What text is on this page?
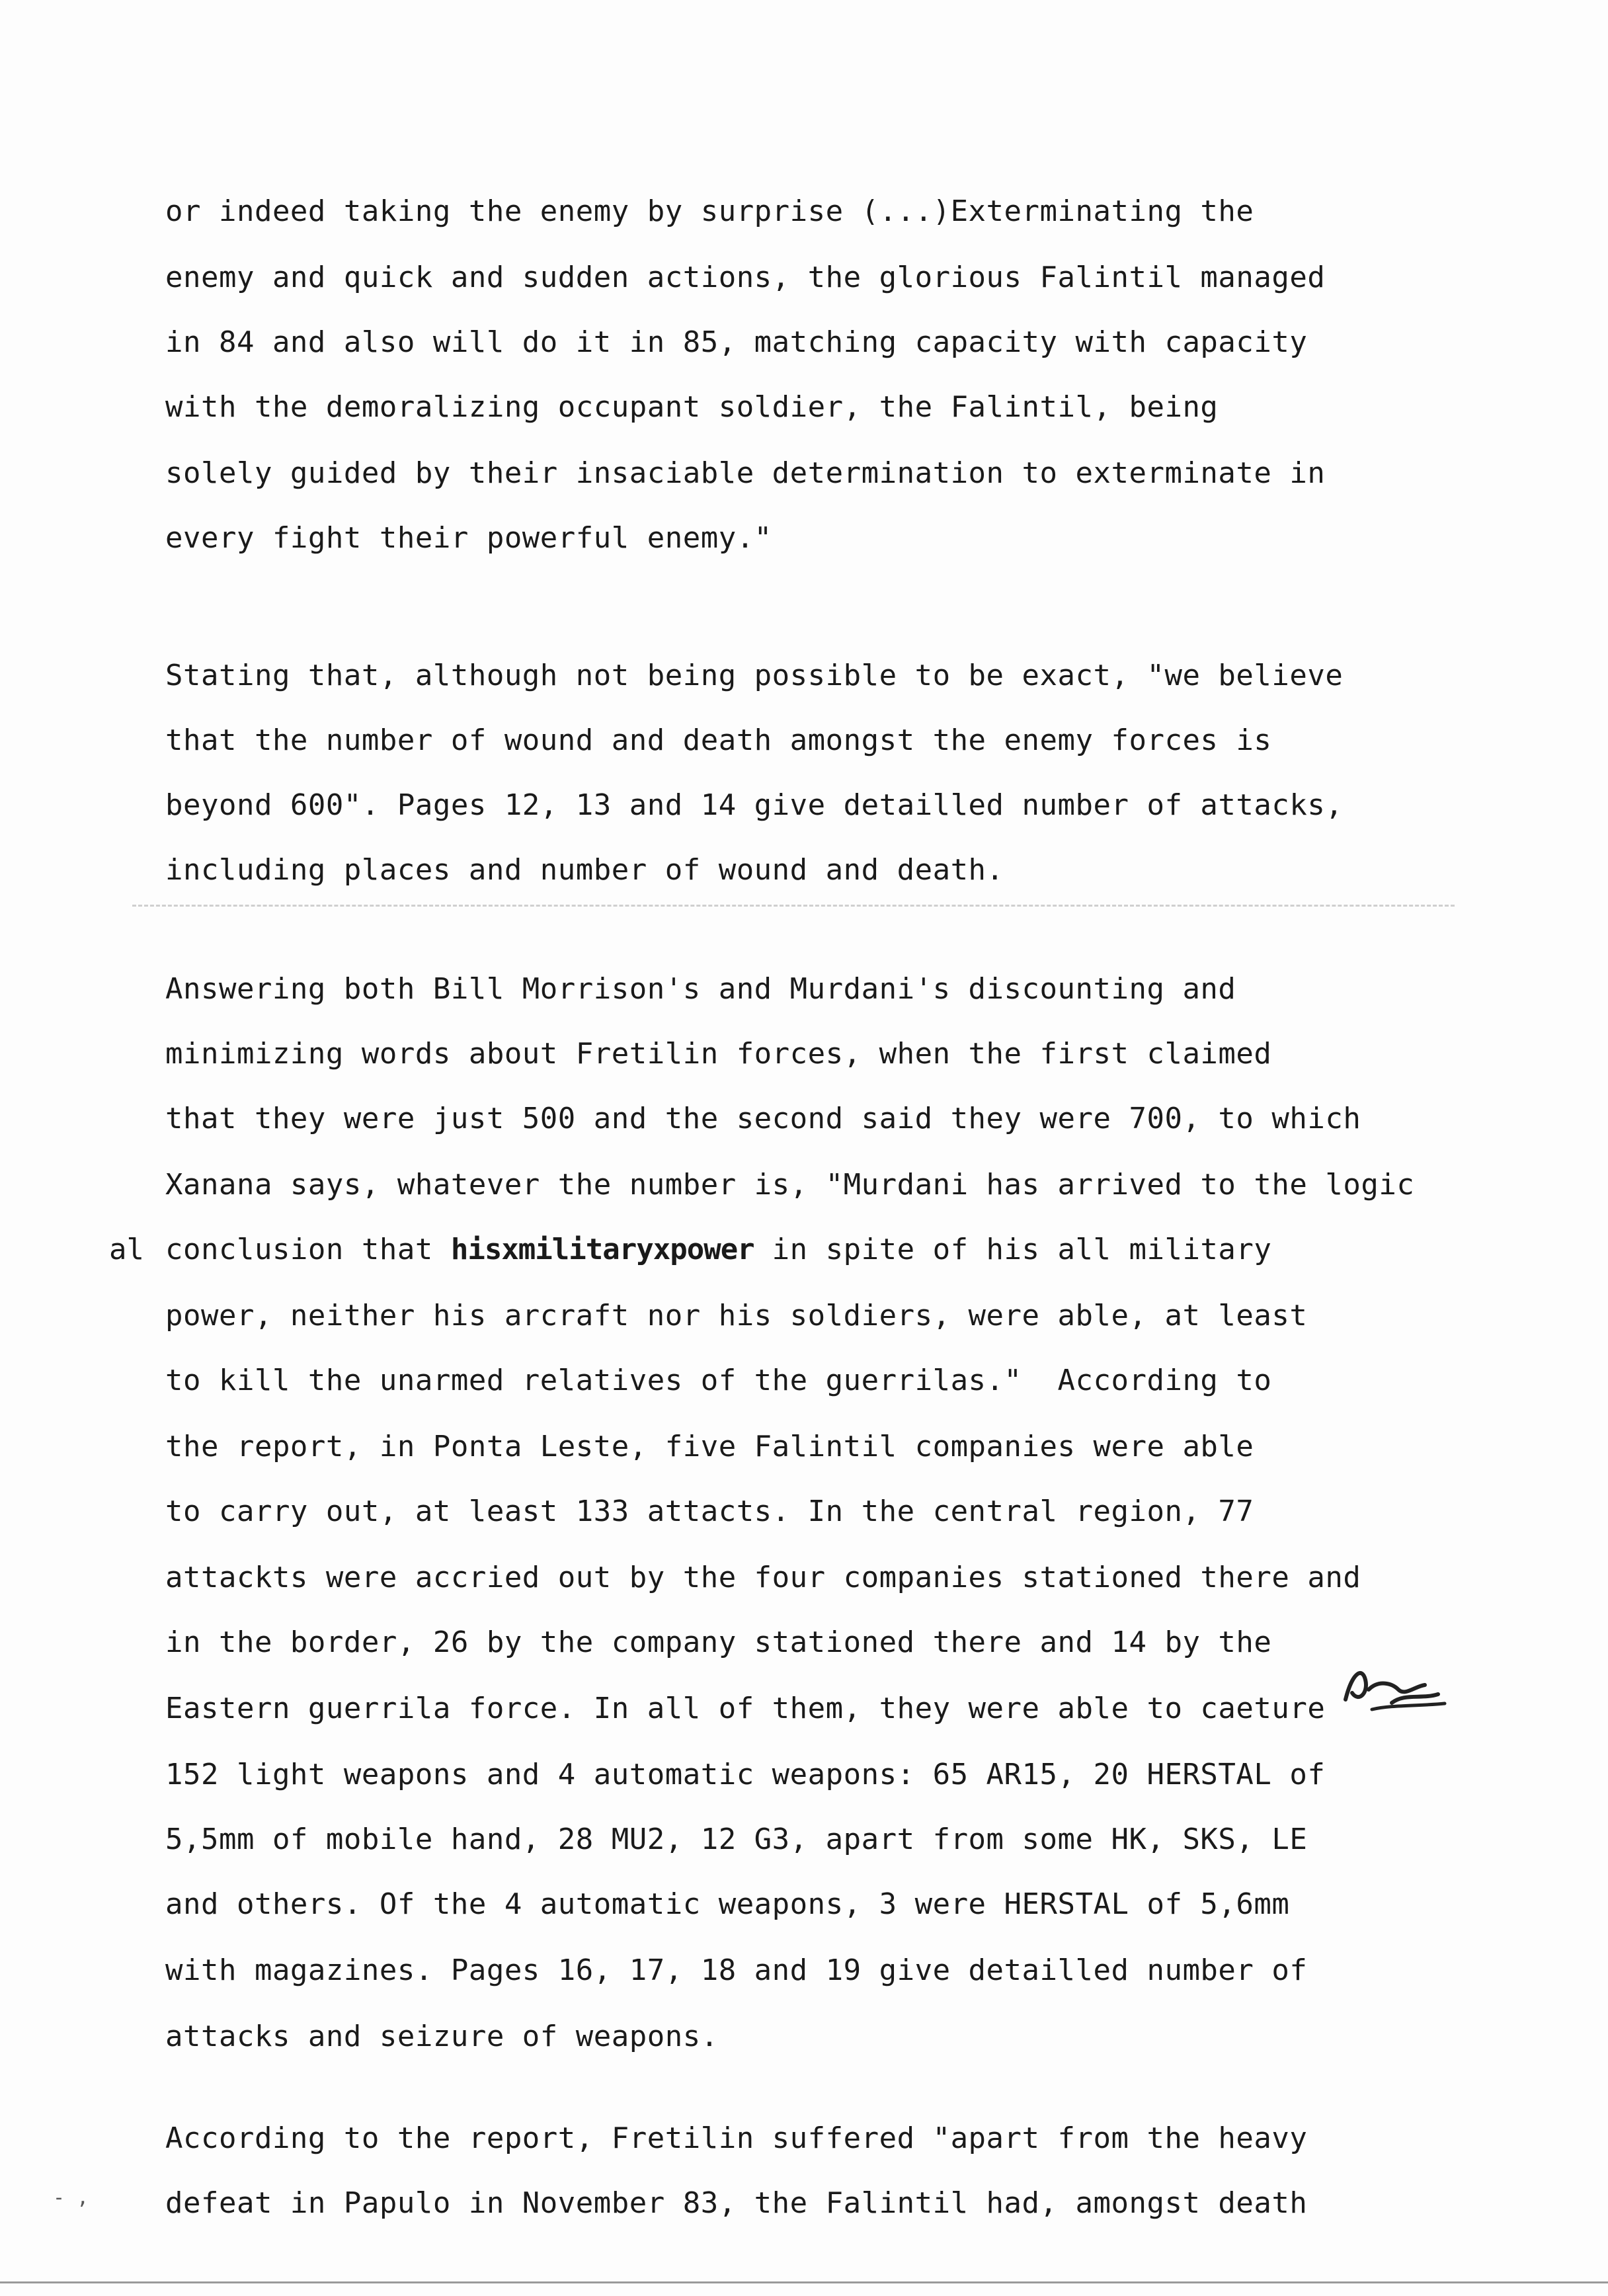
or indeed taking the enemy by surprise (...)Exterminating the
enemy and quick and sudden actions, the glorious Falintil managed
in 84 and also will do it in 85, matching capacity with capacity
with the demoralizing occupant soldier, the Falintil, being
solely guided by their insaciable determination to exterminate in
every fight their powerful enemy."
Stating that, although not being possible to be exact, "we believe
that the number of wound and death amongst the enemy forces is
beyond 600". Pages 12, 13 and 14 give detailled number of attacks,
including places and number of wound and death.
Answering both Bill Morrison's and Murdani's discounting and
minimizing words about Fretilin forces, when the first claimed
that they were just 500 and the second said they were 700, to which
Xanana says, whatever the number is, "Murdani has arrived to the logic
conclusion that hisxmilitaryxpower in spite of his all military
power, neither his arcraft nor his soldiers, were able, at least
to kill the unarmed relatives of the guerrilas."  According to
the report, in Ponta Leste, five Falintil companies were able
to carry out, at least 133 attacts. In the central region, 77
attackts were accried out by the four companies stationed there and
in the border, 26 by the company stationed there and 14 by the
Eastern guerrila force. In all of them, they were able to caeture
152 light weapons and 4 automatic weapons: 65 AR15, 20 HERSTAL of
5,5mm of mobile hand, 28 MU2, 12 G3, apart from some HK, SKS, LE
and others. Of the 4 automatic weapons, 3 were HERSTAL of 5,6mm
with magazines. Pages 16, 17, 18 and 19 give detailled number of
attacks and seizure of weapons.
al
According to the report, Fretilin suffered "apart from the heavy
defeat in Papulo in November 83, the Falintil had, amongst death
- ,
